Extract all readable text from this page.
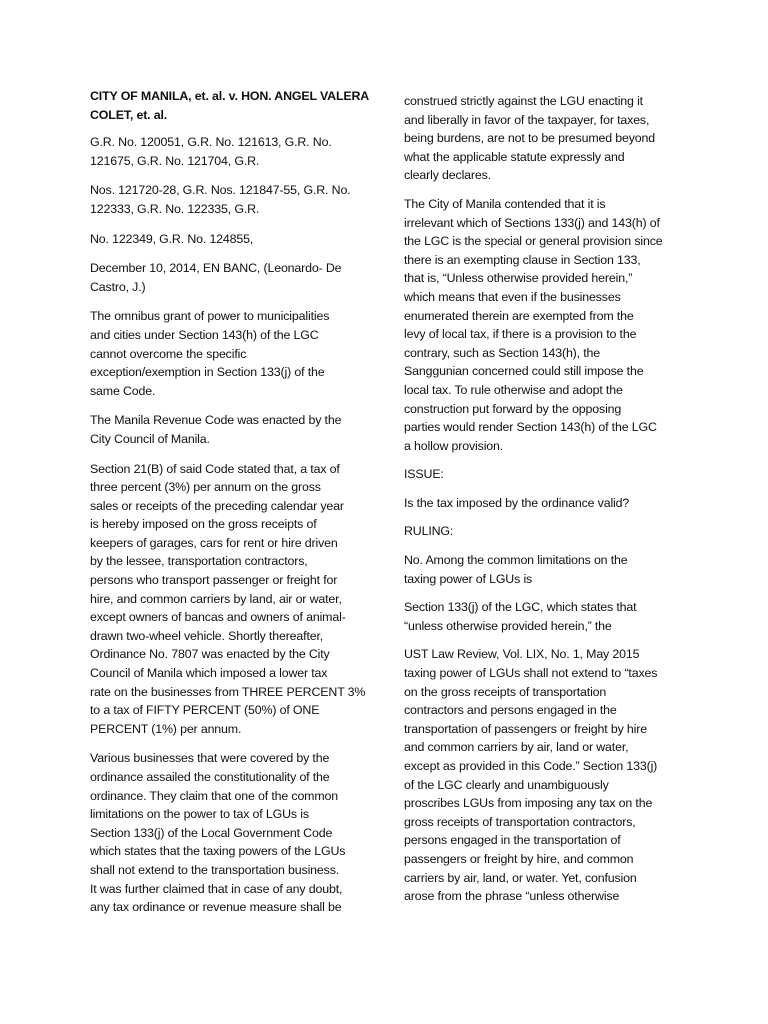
CITY OF MANILA, et. al. v. HON. ANGEL VALERA
COLET, et. al.

G.R. No. 120051, G.R. No. 121613, G.R. No.
121675, G.R. No. 121704, G.R.

Nos. 121720-28, G.R. Nos. 121847-55, G.R. No.
122333, G.R. No. 122335, G.R.

No. 122349, G.R. No. 124855,

December 10, 2014, EN BANC, (Leonardo- De
Castro, J.)

The omnibus grant of power to municipalities
and cities under Section 143(h) of the LGC
cannot overcome the specific
exception/exemption in Section 133(j) of the
same Code.

The Manila Revenue Code was enacted by the
City Council of Manila.

Section 21(B) of said Code stated that, a tax of
three percent (3%) per annum on the gross
sales or receipts of the preceding calendar year
is hereby imposed on the gross receipts of
keepers of garages, cars for rent or hire driven
by the lessee, transportation contractors,
persons who transport passenger or freight for
hire, and common carriers by land, air or water,
except owners of bancas and owners of animal-
drawn two-wheel vehicle. Shortly thereafter,
Ordinance No. 7807 was enacted by the City
Council of Manila which imposed a lower tax
rate on the businesses from THREE PERCENT 3%
to a tax of FIFTY PERCENT (50%) of ONE
PERCENT (1%) per annum.

Various businesses that were covered by the
ordinance assailed the constitutionality of the
ordinance. They claim that one of the common
limitations on the power to tax of LGUs is
Section 133(j) of the Local Government Code
which states that the taxing powers of the LGUs
shall not extend to the transportation business.
It was further claimed that in case of any doubt,
any tax ordinance or revenue measure shall be

construed strictly against the LGU enacting it
and liberally in favor of the taxpayer, for taxes,
being burdens, are not to be presumed beyond
what the applicable statute expressly and
clearly declares.

The City of Manila contended that it is
irrelevant which of Sections 133(j) and 143(h) of
the LGC is the special or general provision since
there is an exempting clause in Section 133,
that is, “Unless otherwise provided herein,”
which means that even if the businesses
enumerated therein are exempted from the
levy of local tax, if there is a provision to the
contrary, such as Section 143(h), the
Sanggunian concerned could still impose the
local tax. To rule otherwise and adopt the
construction put forward by the opposing
parties would render Section 143(h) of the LGC
a hollow provision.

ISSUE:

Is the tax imposed by the ordinance valid?

RULING:

No. Among the common limitations on the
taxing power of LGUs is

Section 133(j) of the LGC, which states that
“unless otherwise provided herein,” the

UST Law Review, Vol. LIX, No. 1, May 2015
taxing power of LGUs shall not extend to “taxes
on the gross receipts of transportation
contractors and persons engaged in the
transportation of passengers or freight by hire
and common carriers by air, land or water,
except as provided in this Code.” Section 133(j)
of the LGC clearly and unambiguously
proscribes LGUs from imposing any tax on the
gross receipts of transportation contractors,
persons engaged in the transportation of
passengers or freight by hire, and common
carriers by air, land, or water. Yet, confusion
arose from the phrase “unless otherwise
